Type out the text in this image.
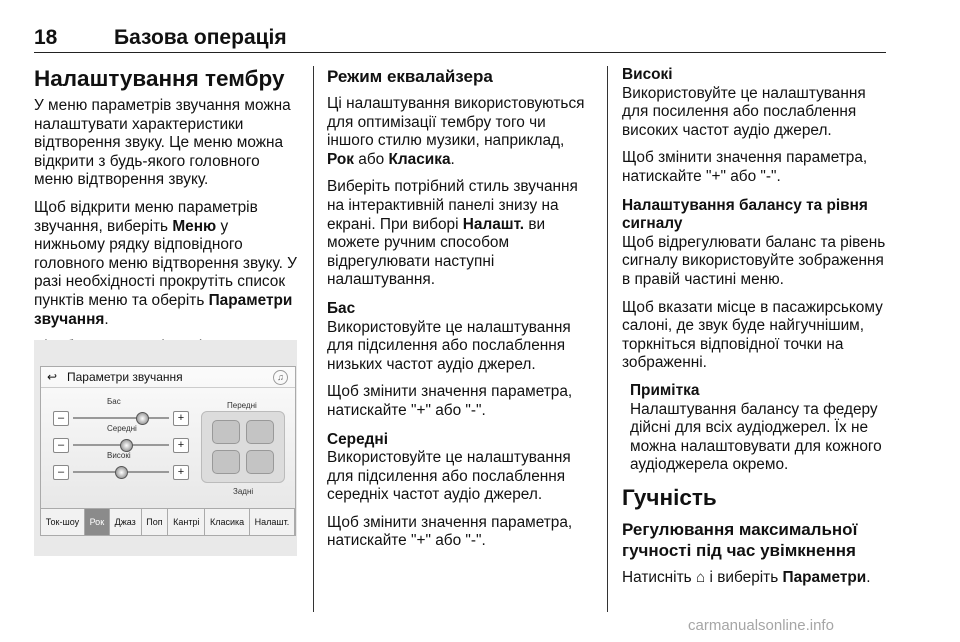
18	Базова операція
Налаштування тембру

У меню параметрів звучання можна налаштувати характеристики відтворення звуку. Це меню можна відкрити з будь-якого головного меню відтворення звуку.

Щоб відкрити меню параметрів звучання, виберіть Меню у нижньому рядку відповідного головного меню відтворення звуку. У разі необхідності прокрутіть список пунктів меню та оберіть Параметри звучання.

↩ Параметри звучання	♫
Бас
–	+
Середні
–	+
Високі
–	+
Передні
Задні
Ток-шоу	Рок	Джаз	Поп	Кантрі	Класика	Налашт.
Режим еквалайзера

Ці налаштування використовуються для оптимізації тембру того чи іншого стилю музики, наприклад, Рок або Класика.

Виберіть потрібний стиль звучання на інтерактивній панелі знизу на екрані. При виборі Налашт. ви можете ручним способом відрегулювати наступні налаштування.

Бас

Використовуйте це налаштування для підсилення або послаблення низьких частот аудіо джерел.

Щоб змінити значення параметра, натискайте "+" або "-".

Середні

Використовуйте це налаштування для підсилення або послаблення середніх частот аудіо джерел.

Щоб змінити значення параметра, натискайте "+" або "-".

Високі

Використовуйте це налаштування для посилення або послаблення високих частот аудіо джерел.

Щоб змінити значення параметра, натискайте "+" або "-".

Налаштування балансу та рівня сигналу

Щоб відрегулювати баланс та рівень сигналу використовуйте зображення в правій частині меню.

Щоб вказати місце в пасажирському салоні, де звук буде найгучнішим, торкніться відповідної точки на зображенні.

Примітка

Налаштування балансу та федеру дійсні для всіх аудіоджерел. Їх не можна налаштовувати для кожного аудіоджерела окремо.

Гучність
Регулювання максимальної гучності під час увімкнення

Натисніть ⌂ і виберіть Параметри.

carmanualsonline.info
